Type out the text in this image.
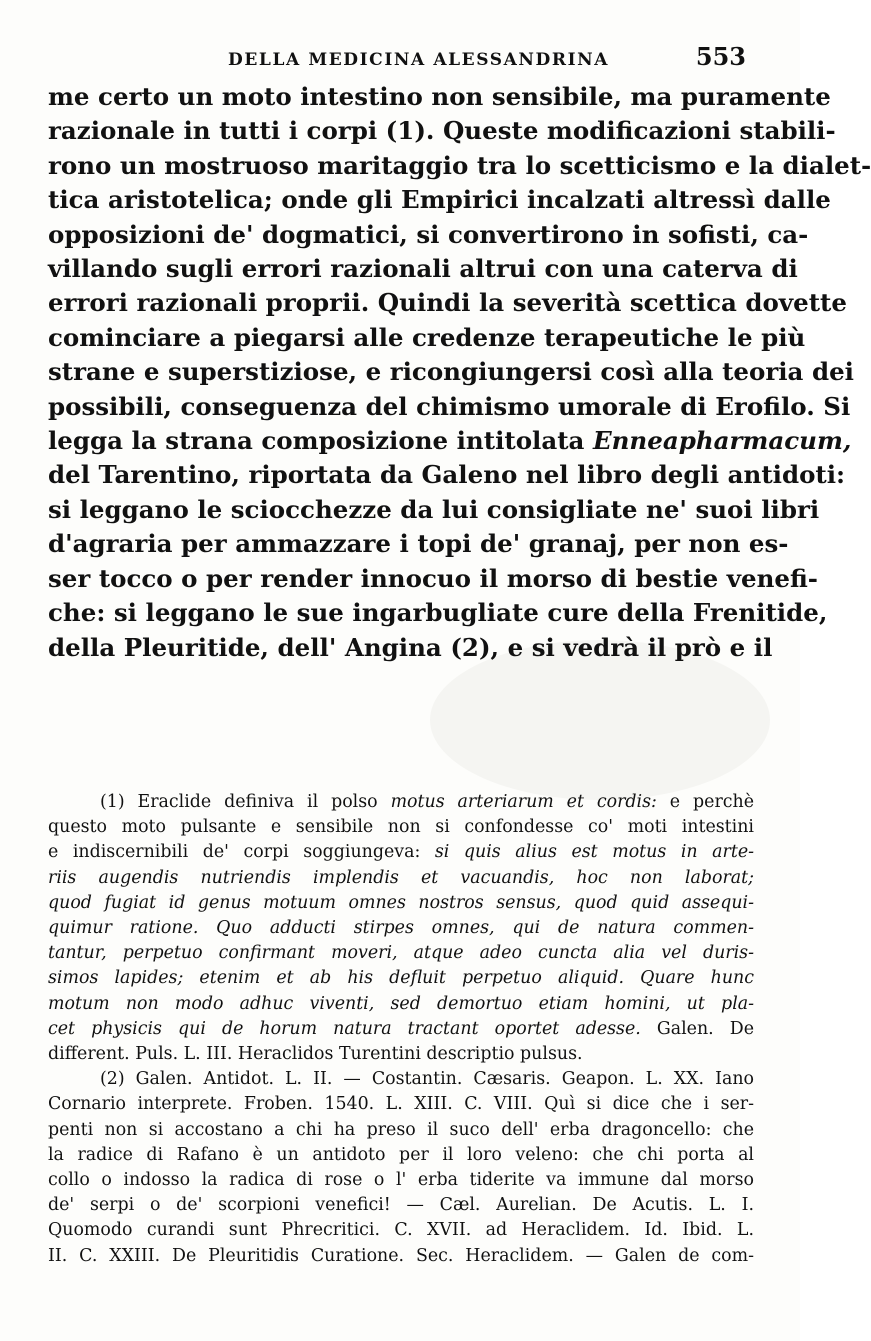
DELLA MEDICINA ALESSANDRINA	553
me certo un moto intestino non sensibile, ma puramente
razionale in tutti i corpi (1). Queste modificazioni stabili-
rono un mostruoso maritaggio tra lo scetticismo e la dialet-
tica aristotelica; onde gli Empirici incalzati altressì dalle
opposizioni de' dogmatici, si convertirono in sofisti, ca-
villando sugli errori razionali altrui con una caterva di
errori razionali proprii. Quindi la severità scettica dovette
cominciare a piegarsi alle credenze terapeutiche le più
strane e superstiziose, e ricongiungersi così alla teoria dei
possibili, conseguenza del chimismo umorale di Erofilo. Si
legga la strana composizione intitolata Enneapharmacum,
del Tarentino, riportata da Galeno nel libro degli antidoti:
si leggano le sciocchezze da lui consigliate ne' suoi libri
d'agraria per ammazzare i topi de' granaj, per non es-
ser tocco o per render innocuo il morso di bestie venefi-
che: si leggano le sue ingarbugliate cure della Frenitide,
della Pleuritide, dell' Angina (2), e si vedrà il prò e il
(1) Eraclide definiva il polso motus arteriarum et cordis: e perchè
questo moto pulsante e sensibile non si confondesse co' moti intestini
e indiscernibili de' corpi soggiungeva: si quis alius est motus in arte-
riis augendis nutriendis implendis et vacuandis, hoc non laborat;
quod fugiat id genus motuum omnes nostros sensus, quod quid assequi-
quimur ratione. Quo adducti stirpes omnes, qui de natura commen-
tantur, perpetuo confirmant moveri, atque adeo cuncta alia vel duris-
simos lapides; etenim et ab his defluit perpetuo aliquid. Quare hunc
motum non modo adhuc viventi, sed demortuo etiam homini, ut pla-
cet physicis qui de horum natura tractant oportet adesse. Galen. De
different. Puls. L. III. Heraclidos Turentini descriptio pulsus.
(2) Galen. Antidot. L. II. — Costantin. Cæsaris. Geapon. L. XX. Iano
Cornario interprete. Froben. 1540. L. XIII. C. VIII. Quì si dice che i ser-
penti non si accostano a chi ha preso il suco dell' erba dragoncello: che
la radice di Rafano è un antidoto per il loro veleno: che chi porta al
collo o indosso la radica di rose o l' erba tiderite va immune dal morso
de' serpi o de' scorpioni venefici! — Cæl. Aurelian. De Acutis. L. I.
Quomodo curandi sunt Phrecritici. C. XVII. ad Heraclidem. Id. Ibid. L.
II. C. XXIII. De Pleuritidis Curatione. Sec. Heraclidem. — Galen de com-
